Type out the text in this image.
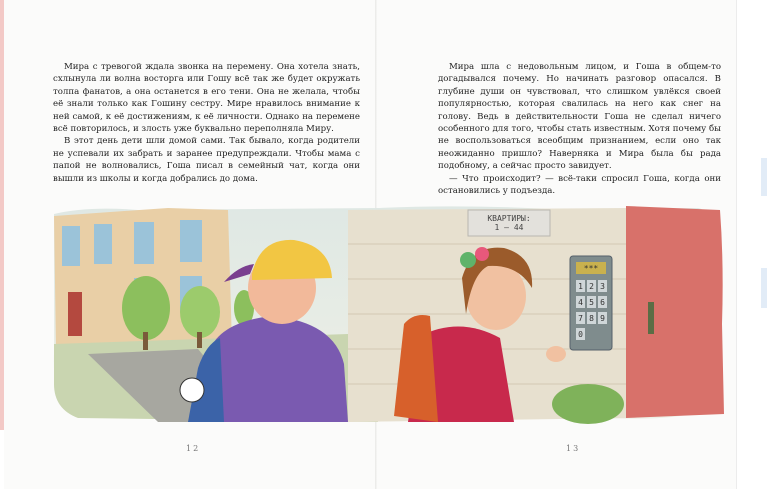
Мира с тревогой ждала звонка на перемену. Она хотела знать, схлынула ли волна восторга или Гошу всё так же будет окружать толпа фанатов, а она останется в его тени. Она не желала, чтобы её знали только как Гошину сестру. Мире нравилось внимание к ней самой, к её достижениям, к её личности. Однако на перемене всё повторилось, и злость уже буквально переполняла Миру.

В этот день дети шли домой сами. Так бывало, когда родители не успевали их забрать и заранее предупреждали. Чтобы мама с папой не волновались, Гоша писал в семейный чат, когда они вышли из школы и когда добрались до дома.

Мира шла с недовольным лицом, и Гоша в общем-то догадывался почему. Но начинать разговор опасался. В глубине души он чувствовал, что слишком увлёкся своей популярностью, которая свалилась на него как снег на голову. Ведь в действительности Гоша не сделал ничего особенного для того, чтобы стать известным. Хотя почему бы не воспользоваться всеобщим признанием, если оно так неожиданно пришло? Наверняка и Мира была бы рада подобному, а сейчас просто завидует.

— Что происходит? — всё-таки спросил Гоша, когда они остановились у подъезда.

КВАРТИРЫ: 1 – 44
***
1 2 3
4 5 6
7 8 9
0
12	13
